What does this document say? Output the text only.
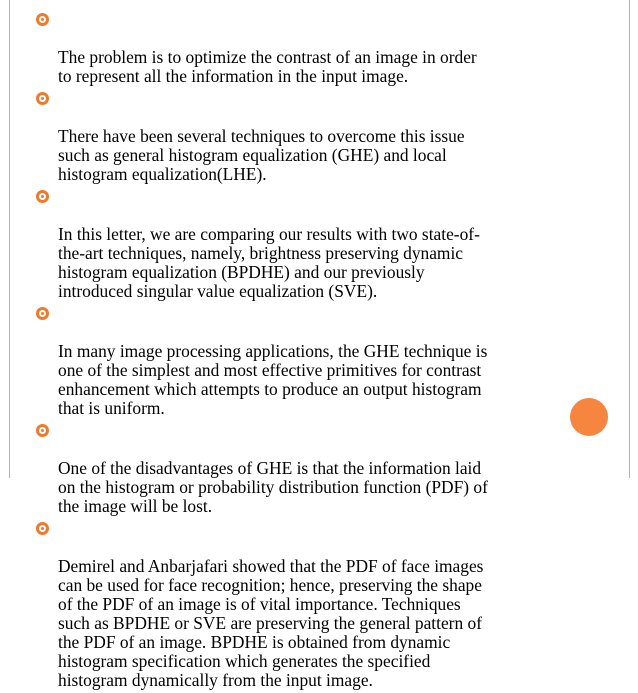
The problem is to optimize the contrast of an image in order
to represent all the information in the input image.

There have been several techniques to overcome this issue
such as general histogram equalization (GHE) and local
histogram equalization(LHE).

In this letter, we are comparing our results with two state-of-
the-art techniques, namely, brightness preserving dynamic
histogram equalization (BPDHE) and our previously
introduced singular value equalization (SVE).

In many image processing applications, the GHE technique is
one of the simplest and most effective primitives for contrast
enhancement which attempts to produce an output histogram
that is uniform.

One of the disadvantages of GHE is that the information laid
on the histogram or probability distribution function (PDF) of
the image will be lost.

Demirel and Anbarjafari showed that the PDF of face images
can be used for face recognition; hence, preserving the shape
of the PDF of an image is of vital importance. Techniques
such as BPDHE or SVE are preserving the general pattern of
the PDF of an image. BPDHE is obtained from dynamic
histogram specification which generates the specified
histogram dynamically from the input image.
